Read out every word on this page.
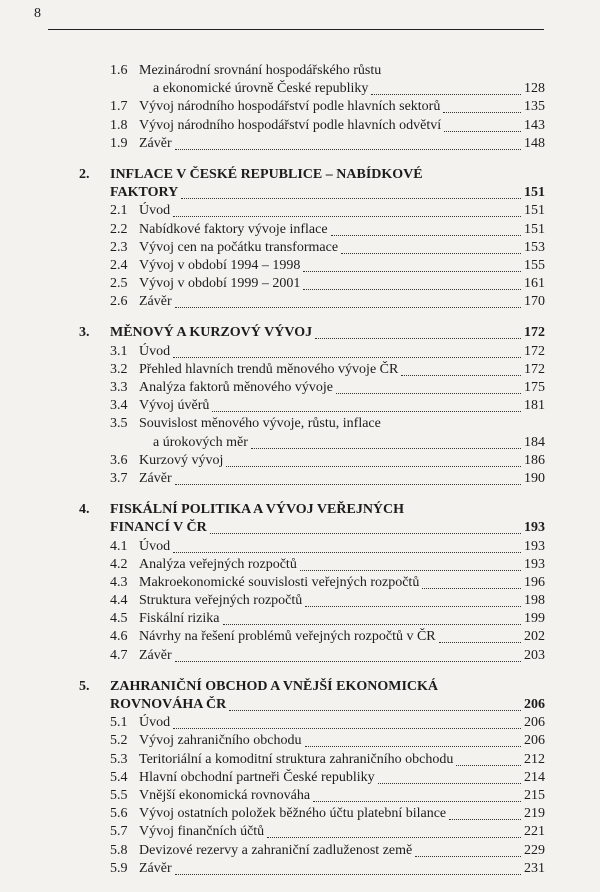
8
1.6 Mezinárodní srovnání hospodářského růstu
a ekonomické úrovně České republiky	128
1.7 Vývoj národního hospodářství podle hlavních sektorů	135
1.8 Vývoj národního hospodářství podle hlavních odvětví	143
1.9 Závěr	148
2. INFLACE V ČESKÉ REPUBLICE – NABÍDKOVÉ
FAKTORY	151
2.1 Úvod	151
2.2 Nabídkové faktory vývoje inflace	151
2.3 Vývoj cen na počátku transformace	153
2.4 Vývoj v období 1994 – 1998	155
2.5 Vývoj v období 1999 – 2001	161
2.6 Závěr	170
3. MĚNOVÝ A KURZOVÝ VÝVOJ	172
3.1 Úvod	172
3.2 Přehled hlavních trendů měnového vývoje ČR	172
3.3 Analýza faktorů měnového vývoje	175
3.4 Vývoj úvěrů	181
3.5 Souvislost měnového vývoje, růstu, inflace
a úrokových měr	184
3.6 Kurzový vývoj	186
3.7 Závěr	190
4. FISKÁLNÍ POLITIKA A VÝVOJ VEŘEJNÝCH
FINANCÍ V ČR	193
4.1 Úvod	193
4.2 Analýza veřejných rozpočtů	193
4.3 Makroekonomické souvislosti veřejných rozpočtů	196
4.4 Struktura veřejných rozpočtů	198
4.5 Fiskální rizika	199
4.6 Návrhy na řešení problémů veřejných rozpočtů v ČR	202
4.7 Závěr	203
5. ZAHRANIČNÍ OBCHOD A VNĚJŠÍ EKONOMICKÁ
ROVNOVÁHA ČR	206
5.1 Úvod	206
5.2 Vývoj zahraničního obchodu	206
5.3 Teritoriální a komoditní struktura zahraničního obchodu	212
5.4 Hlavní obchodní partneři České republiky	214
5.5 Vnější ekonomická rovnováha	215
5.6 Vývoj ostatních položek běžného účtu platební bilance	219
5.7 Vývoj finančních účtů	221
5.8 Devizové rezervy a zahraniční zadluženost země	229
5.9 Závěr	231
